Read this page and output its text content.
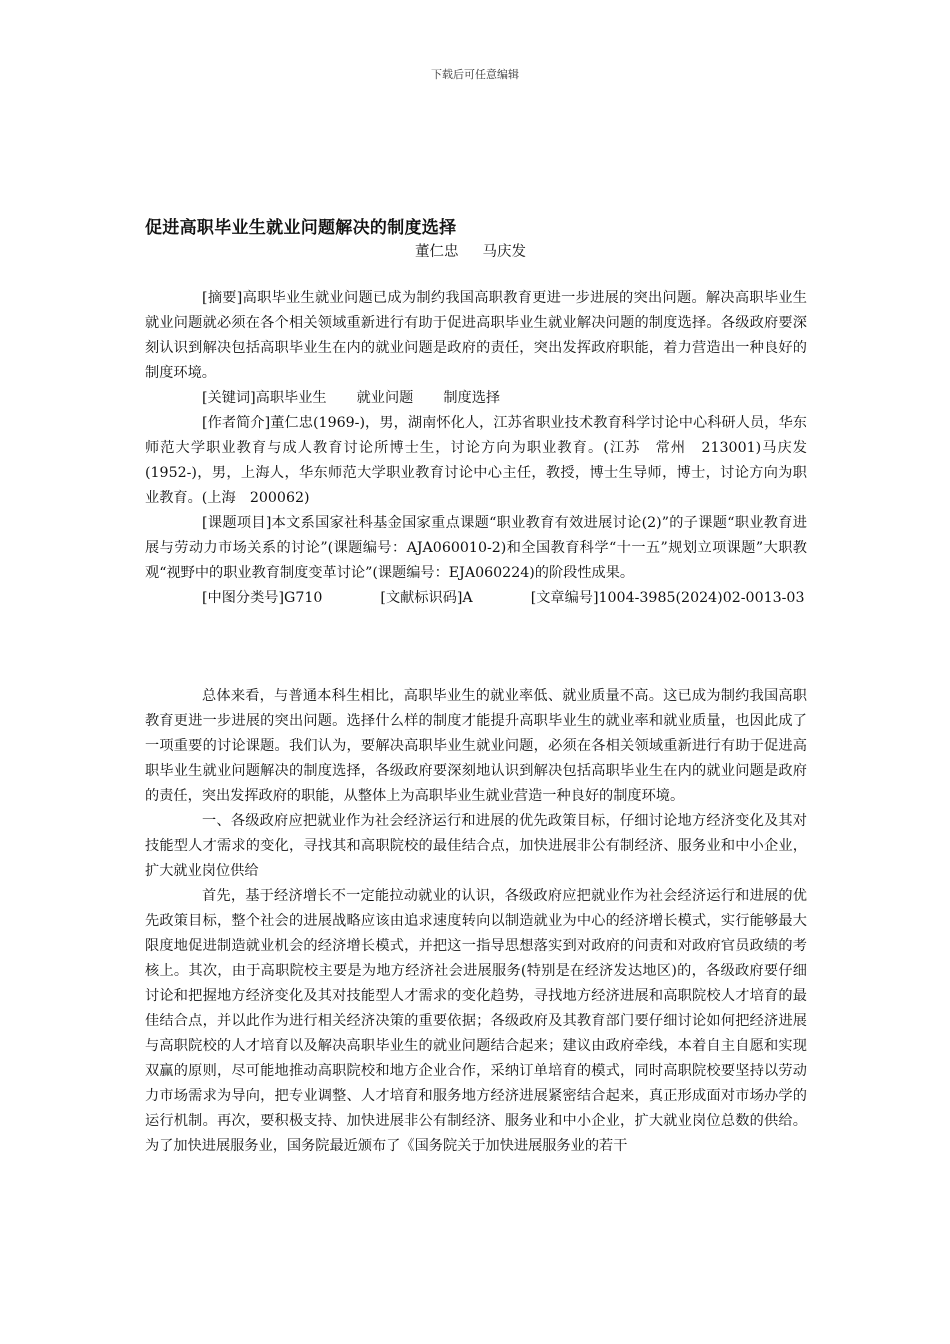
下载后可任意编辑
促进高职毕业生就业问题解决的制度选择
董仁忠 马庆发

[摘要]高职毕业生就业问题已成为制约我国高职教育更进一步进展的突出问题。解决高职毕业生就业问题就必须在各个相关领域重新进行有助于促进高职毕业生就业解决问题的制度选择。各级政府要深刻认识到解决包括高职毕业生在内的就业问题是政府的责任，突出发挥政府职能，着力营造出一种良好的制度环境。

[关键词]高职毕业生 就业问题 制度选择

[作者简介]董仁忠(1969-)，男，湖南怀化人，江苏省职业技术教育科学讨论中心科研人员，华东师范大学职业教育与成人教育讨论所博士生，讨论方向为职业教育。(江苏　常州　213001)马庆发(1952-)，男，上海人，华东师范大学职业教育讨论中心主任，教授，博士生导师，博士，讨论方向为职业教育。(上海　200062)

[课题项目]本文系国家社科基金国家重点课题“职业教育有效进展讨论(2)”的子课题“职业教育进展与劳动力市场关系的讨论”(课题编号：AJA060010-2)和全国教育科学“十一五”规划立项课题”大职教观“视野中的职业教育制度变革讨论”(课题编号：EJA060224)的阶段性成果。

[中图分类号]G710	[文献标识码]A	[文章编号]1004-3985(2024)02-0013-03

总体来看，与普通本科生相比，高职毕业生的就业率低、就业质量不高。这已成为制约我国高职教育更进一步进展的突出问题。选择什么样的制度才能提升高职毕业生的就业率和就业质量，也因此成了一项重要的讨论课题。我们认为，要解决高职毕业生就业问题，必须在各相关领域重新进行有助于促进高职毕业生就业问题解决的制度选择，各级政府要深刻地认识到解决包括高职毕业生在内的就业问题是政府的责任，突出发挥政府的职能，从整体上为高职毕业生就业营造一种良好的制度环境。

一、各级政府应把就业作为社会经济运行和进展的优先政策目标，仔细讨论地方经济变化及其对技能型人才需求的变化，寻找其和高职院校的最佳结合点，加快进展非公有制经济、服务业和中小企业，扩大就业岗位供给

首先，基于经济增长不一定能拉动就业的认识，各级政府应把就业作为社会经济运行和进展的优先政策目标，整个社会的进展战略应该由追求速度转向以制造就业为中心的经济增长模式，实行能够最大限度地促进制造就业机会的经济增长模式，并把这一指导思想落实到对政府的问责和对政府官员政绩的考核上。其次，由于高职院校主要是为地方经济社会进展服务(特别是在经济发达地区)的，各级政府要仔细讨论和把握地方经济变化及其对技能型人才需求的变化趋势，寻找地方经济进展和高职院校人才培育的最佳结合点，并以此作为进行相关经济决策的重要依据；各级政府及其教育部门要仔细讨论如何把经济进展与高职院校的人才培育以及解决高职毕业生的就业问题结合起来；建议由政府牵线，本着自主自愿和实现双赢的原则，尽可能地推动高职院校和地方企业合作，采纳订单培育的模式，同时高职院校要坚持以劳动力市场需求为导向，把专业调整、人才培育和服务地方经济进展紧密结合起来，真正形成面对市场办学的运行机制。再次，要积极支持、加快进展非公有制经济、服务业和中小企业，扩大就业岗位总数的供给。为了加快进展服务业，国务院最近颁布了《国务院关于加快进展服务业的若干
